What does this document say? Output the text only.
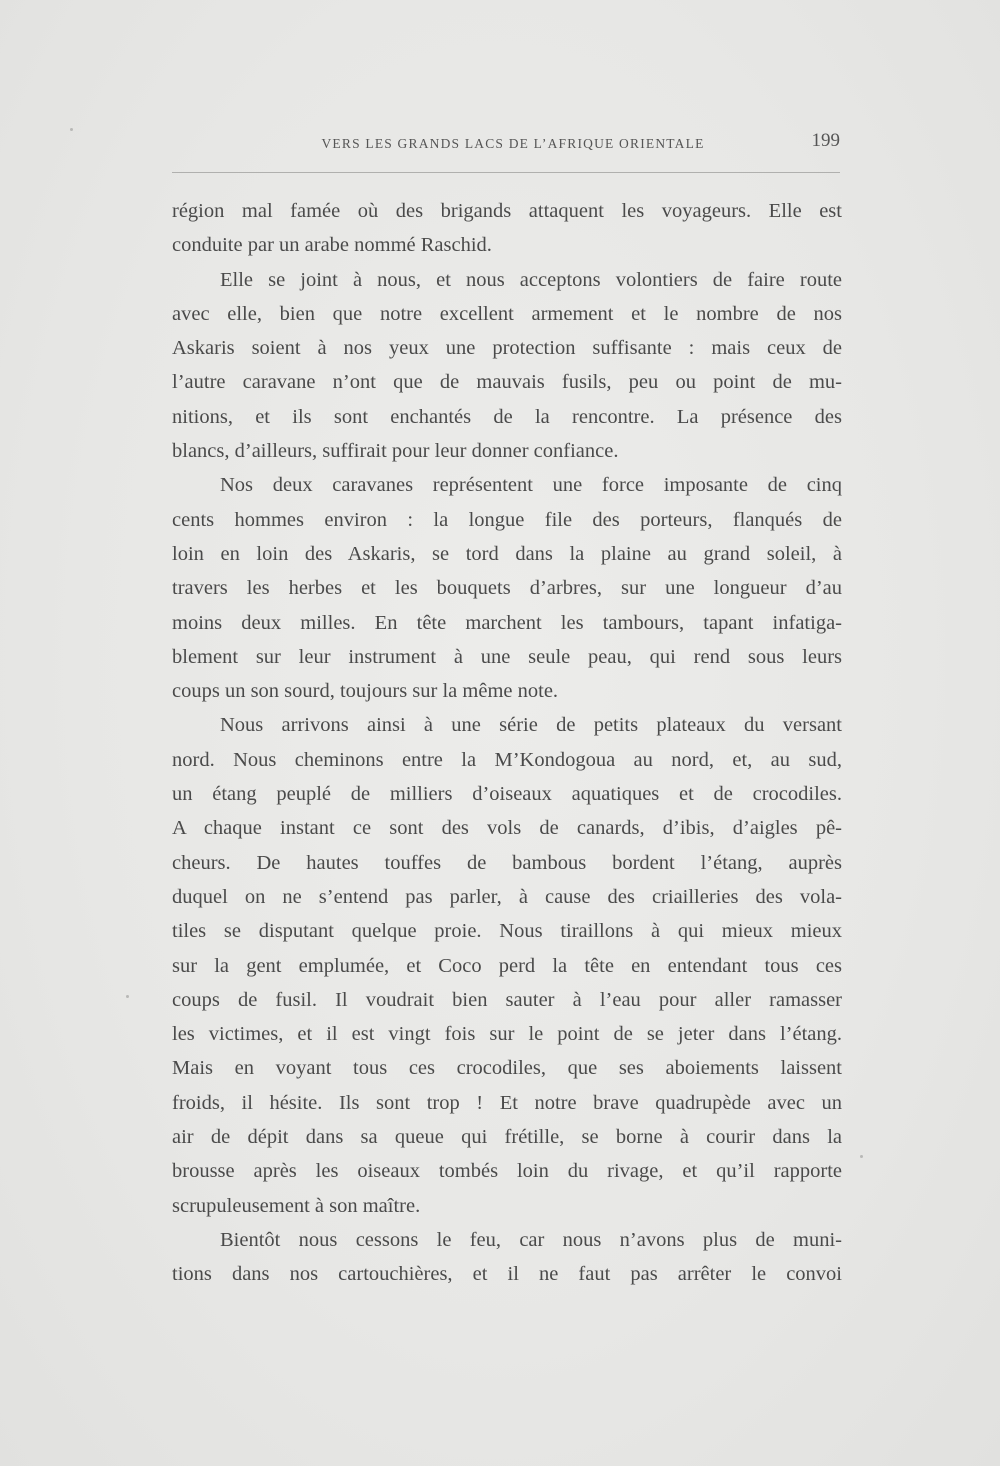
VERS LES GRANDS LACS DE L’AFRIQUE ORIENTALE	199
région mal famée où des brigands attaquent les voyageurs. Elle est
conduite par un arabe nommé Raschid.
Elle se joint à nous, et nous acceptons volontiers de faire route
avec elle, bien que notre excellent armement et le nombre de nos
Askaris soient à nos yeux une protection suffisante : mais ceux de
l’autre caravane n’ont que de mauvais fusils, peu ou point de mu-
nitions, et ils sont enchantés de la rencontre. La présence des
blancs, d’ailleurs, suffirait pour leur donner confiance.
Nos deux caravanes représentent une force imposante de cinq
cents hommes environ : la longue file des porteurs, flanqués de
loin en loin des Askaris, se tord dans la plaine au grand soleil, à
travers les herbes et les bouquets d’arbres, sur une longueur d’au
moins deux milles. En tête marchent les tambours, tapant infatiga-
blement sur leur instrument à une seule peau, qui rend sous leurs
coups un son sourd, toujours sur la même note.
Nous arrivons ainsi à une série de petits plateaux du versant
nord. Nous cheminons entre la M’Kondogoua au nord, et, au sud,
un étang peuplé de milliers d’oiseaux aquatiques et de crocodiles.
A chaque instant ce sont des vols de canards, d’ibis, d’aigles pê-
cheurs. De hautes touffes de bambous bordent l’étang, auprès
duquel on ne s’entend pas parler, à cause des criailleries des vola-
tiles se disputant quelque proie. Nous tiraillons à qui mieux mieux
sur la gent emplumée, et Coco perd la tête en entendant tous ces
coups de fusil. Il voudrait bien sauter à l’eau pour aller ramasser
les victimes, et il est vingt fois sur le point de se jeter dans l’étang.
Mais en voyant tous ces crocodiles, que ses aboiements laissent
froids, il hésite. Ils sont trop ! Et notre brave quadrupède avec un
air de dépit dans sa queue qui frétille, se borne à courir dans la
brousse après les oiseaux tombés loin du rivage, et qu’il rapporte
scrupuleusement à son maître.
Bientôt nous cessons le feu, car nous n’avons plus de muni-
tions dans nos cartouchières, et il ne faut pas arrêter le convoi
